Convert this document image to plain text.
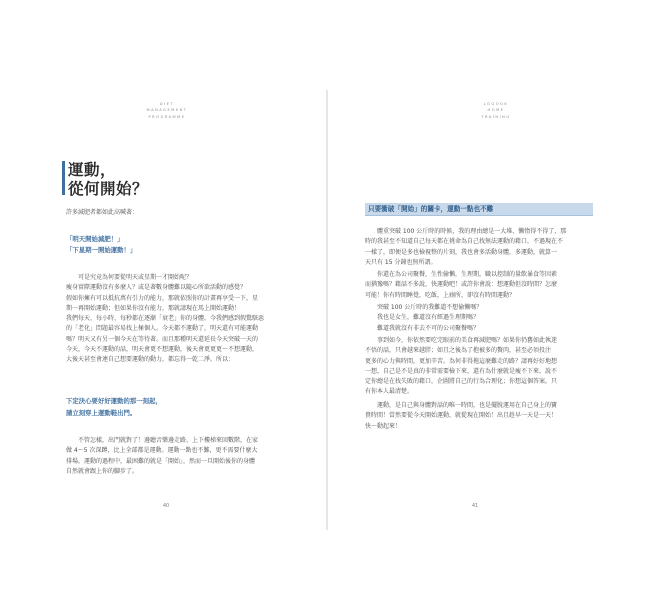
DIET
MANAGEMENT
PROGRAMME
運動，
從何開始？
許多減肥者都如此高喊著：
「明天開始減肥！」
「下星期一開始運動！」
可是究竟為何要從明天或星期一才開始呢？
瘦身實際運動沒有多麼人？或是著數身體難以隨心所欲活動的感覺？
假如你擁有可以抵抗萬有引力的能力，那就依照你的計畫再享受一下，星
期一再開始運動；但如果你沒有能力，那就請現在馬上開始運動！
我們每天、每小時、每秒都在逐漸「衰老」你的身體。今我們感到假驚駭惡
的「老化」問題最容易找上極個人。今天都不運動了，明天還有可能運動
嗎？明天又有另一個今天在等待著。而且那種明天還延長今天突破一天的
今天，今天不運動的話，明天會更不想運動，後天會更更更～不想運動，
大後天甚至會連自己想要運動的動力，都忘得一乾二淨。所以：
下定決心要好好運動的那一刻起，
請立刻穿上運動鞋出門。
不管怎樣，出門就對了！邊聽音樂邊走路、上下樓梯來回數階，在家
做 4～5 次深蹲，比上全部都是運動。運動一點也不難，更不需要什麼大
排場。運動的過程中，最困難的就是「開始」，然而一旦開始後你的身體
自然就會跟上你的腳步了。
40
LOGOOK
HOME
TRAINING
只要衝破「開始」的關卡，運動一點也不難
體重突破 100 公斤時的時候，我的理由總是一大堆，懶惰得不得了，那
時的我甚至不知道自己每天都在挑命為自己找無法運動的藉口，不過現在不
一樣了，即便是多也檢視整的片刻，我也會多活動身體，多運動，就算一
天只有 15 分鐘也無所謂。
你還在為公司聚餐，生性偷懶，生理期，職以控制的量飲暴食等因素
而猶豫嗎？藉話不多說，快運動吧！或許你會說：想運動但沒時間？怎麼
可能！你有時間睡覺，吃飯，上廁所，卻沒有時間運動？
突破 100 公斤時的我難道不想偷懶嗎？
我也是女生，難道沒有經過生理期嗎？
難道我就沒有非去不可的公司聚餐嗎？
事到如今，你依然要吃完眼前的美食再減肥嗎？如果你仍舊如此執迷
不悟的話，只會越來越胖；如且之後為了抱被多的贅肉，甚至必須投注
更多的心力與時間，更加辛苦。為何非得拖這麼難走的路？請再好好地想
一想，自己是不是真的非常需要檢下來，還有為什麼就是瘦不下來。說不
定你總是在找失敗的藉口，企圖將自己的行為合理化；你想這個答案，只
有你本人最清楚。
運動，是自己與身體對話的唯一時間，也是擺脫運用在自己身上的寶
貴時間！當然要從今天開始運動，就從現在開始！出且趁早一天是一天！
快～動起來！
41
